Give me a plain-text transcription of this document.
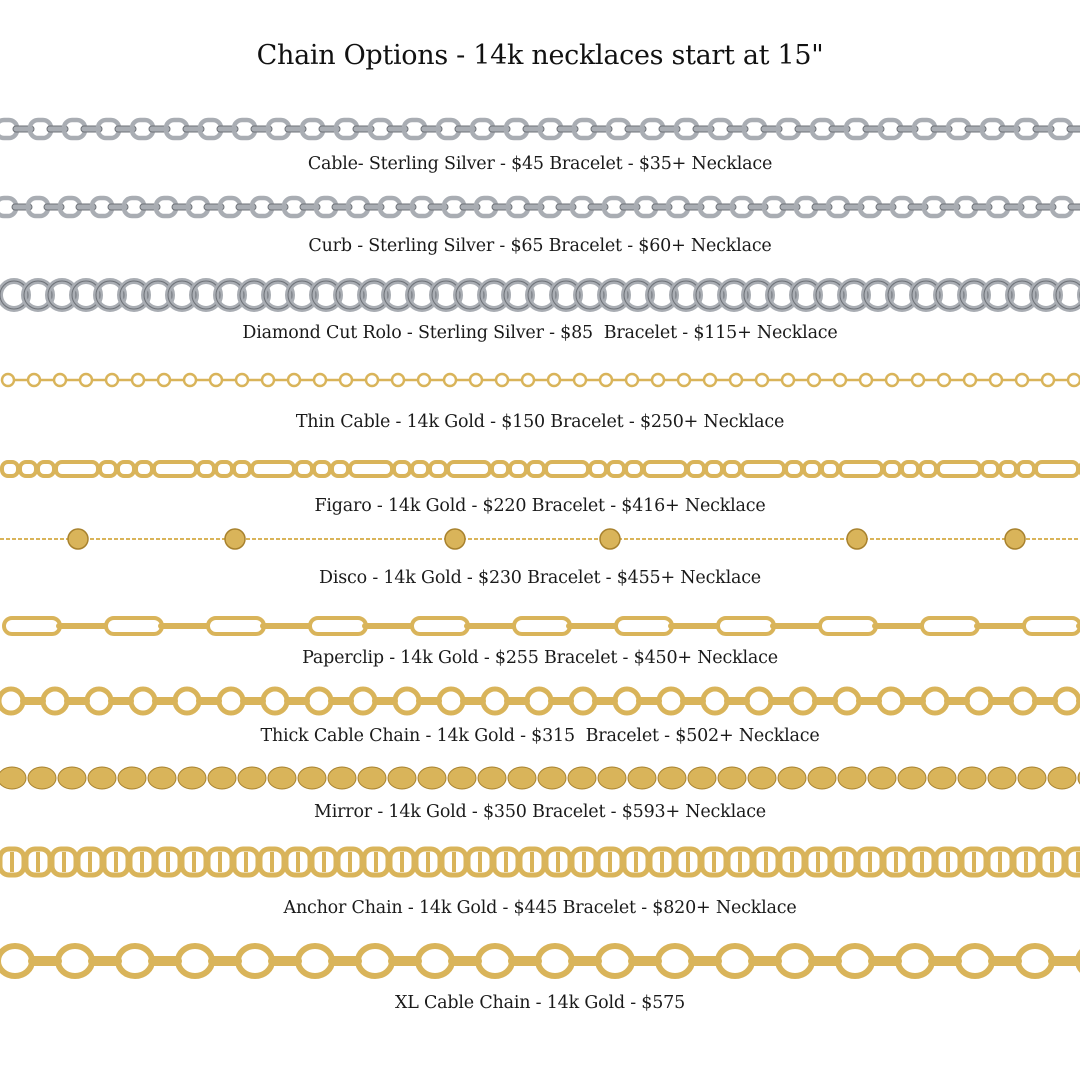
Chain Options - 14k necklaces start at 15"
Cable- Sterling Silver - $45 Bracelet - $35+ Necklace
Curb - Sterling Silver - $65 Bracelet - $60+ Necklace
Diamond Cut Rolo - Sterling Silver - $85  Bracelet - $115+ Necklace
Thin Cable - 14k Gold - $150 Bracelet - $250+ Necklace
Figaro - 14k Gold - $220 Bracelet - $416+ Necklace
Disco - 14k Gold - $230 Bracelet - $455+ Necklace
Paperclip - 14k Gold - $255 Bracelet - $450+ Necklace
Thick Cable Chain - 14k Gold - $315  Bracelet - $502+ Necklace
Mirror - 14k Gold - $350 Bracelet - $593+ Necklace
Anchor Chain - 14k Gold - $445 Bracelet - $820+ Necklace
XL Cable Chain - 14k Gold - $575
